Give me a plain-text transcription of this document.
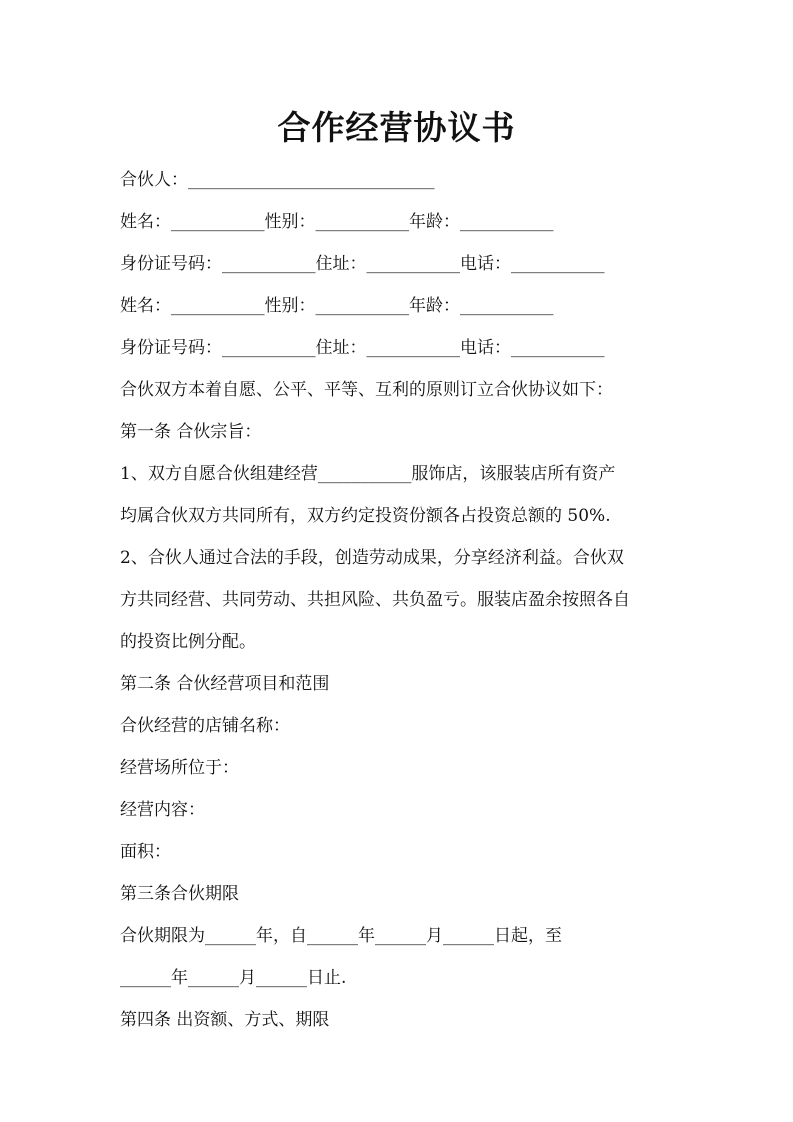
合作经营协议书
合伙人：_____________________________
姓名：___________性别：___________年龄：___________
身份证号码：___________住址：___________电话：___________
姓名：___________性别：___________年龄：___________
身份证号码：___________住址：___________电话：___________
合伙双方本着自愿、公平、平等、互利的原则订立合伙协议如下：
第一条 合伙宗旨：
1、双方自愿合伙组建经营___________服饰店，该服装店所有资产
均属合伙双方共同所有，双方约定投资份额各占投资总额的 50%.
2、合伙人通过合法的手段，创造劳动成果，分享经济利益。合伙双
方共同经营、共同劳动、共担风险、共负盈亏。服装店盈余按照各自
的投资比例分配。
第二条 合伙经营项目和范围
合伙经营的店铺名称：
经营场所位于：
经营内容：
面积：
第三条合伙期限
合伙期限为______年，自______年______月______日起，至
______年______月______日止.
第四条 出资额、方式、期限
